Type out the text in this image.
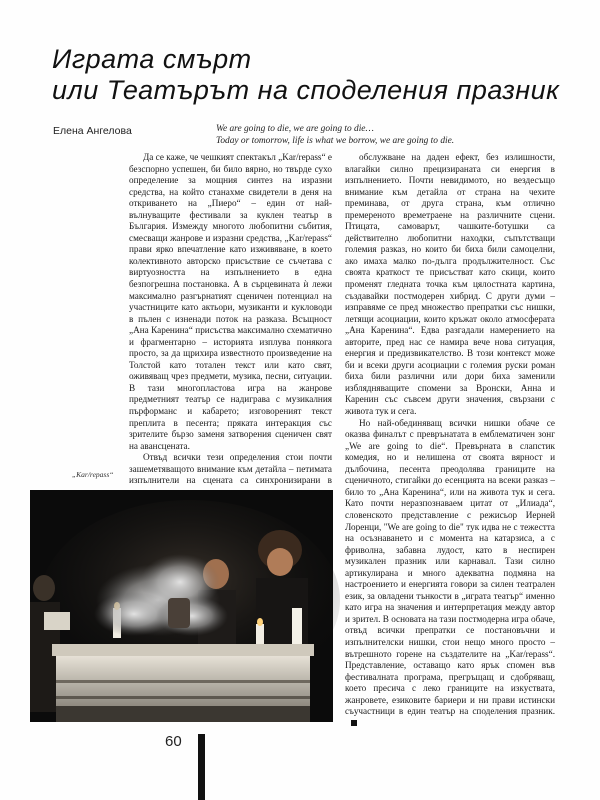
Играта смърт
или Театърът на споделения празник
Елена Ангелова	We are going to die, we are going to die…
Today or tomorrow, life is what we borrow, we are going to die.

Да се каже, че чешкият спектакъл „Kar/repass“ е безспорно успешен, би било вярно, но твърде сухо определение за мощния синтез на изразни средства, на който станахме свидетели в деня на откриването на „Пиеро“ – един от най-вълнуващите фестивали за куклен театър в България. Измежду многото любопитни събития, смесващи жанрове и изразни средства, „Kar/repass“ прави ярко впечатление като изживяване, в което колективното авторско присъствие се съчетава с виртуозността на изпълнението в една безпогрешна постановка. А в сърцевината ѝ лежи максимално разгърнатият сценичен потенциал на участниците като актьори, музиканти и кукловоди в пълен с изненади поток на разказа. Всъщност „Ана Каренина“ присъства максимално схематично и фрагментарно – историята изплува понякога просто, за да щрихира известното произведение на Толстой като тотален текст или като свят, оживяващ чрез предмети, музика, песни, ситуации. В тази многопластова игра на жанрове предметният театър се надиграва с музикалния пърформанс и кабарето; изговореният текст преплита в песента; пряката интеракция със зрителите бързо заменя затворения сценичен свят на авансцената.

Отвъд всички тези определения стои почти зашеметяващото внимание към детайла – петимата изпълнители на сцената са синхронизирани в

обслужване на даден ефект, без излишности, влагайки силно прецизираната си енергия в изпълнението. Почти невидимото, но вездесъщо внимание към детайла от страна на чехите преминава, от друга страна, към отлично премереното времетраене на различните сцени. Птицата, самоварът, чашките-ботушки са действително любопитни находки, съпътстващи големия разказ, но които би биха били самоцелни, ако имаха малко по-дълга продължителност. Със своята краткост те присъстват като скици, които променят гледната точка към цялостната картина, създавайки постмодерен хибрид. С други думи – изправяме се пред множество препратки със нишки, летящи асоциации, които кръжат около атмосферата „Ана Каренина“. Едва разгадали намерението на авторите, пред нас се намира вече нова ситуация, енергия и предизвикателство. В този контекст може би и всеки други асоциации с големия руски роман биха били различни или дори биха заменили изблядняващите спомени за Вронски, Анна и Каренин със съвсем други значения, свързани с живота тук и сега.

Но най-обединяващ всички нишки обаче се оказва финалът с преврънатата в емблематичен зонг „We are going to die“. Превърната в слапстик комедия, но и нелишена от своята вярност и дълбочина, песента преодолява границите на сценичното, стигайки до есенцията на всеки разказ – било то „Ана Каренина“, или на живота тук и сега. Като почти неразпознаваем цитат от „Илиада“, словенското представление с режисьор Иерней Лоренци, "We are going to die" тук идва не с тежестта на осъзнаването и с момента на катарзиса, а с фриволна, забавна лудост, като в неспирен музикален празник или карнавал. Тази силно артикулирана и много адекватна подмяна на настроението и енергията говори за силен театрален език, за овладени тънкости в „играта театър“ именно като игра на значения и интерпретация между автор и зрител. В основата на тази постмодерна игра обаче, отвъд всички препратки се постановъчни и изпълнителски нишки, стои нещо много просто – вътрешното горене на създателите на „Kar/repass“. Представление, оставащо като ярък спомен във фестивалната програма, прегръщащ и сдобряващ, което пресича с леко границите на изкуствата, жанровете, езиковите бариери и ни прави истински съучастници в един театър на споделения празник.

„Kar/repass“
60
